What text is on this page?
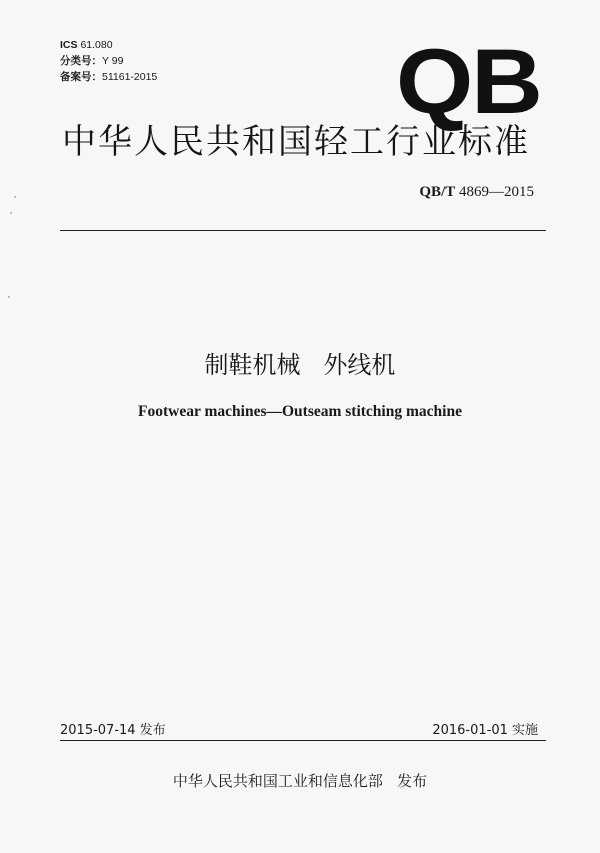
ICS 61.080
分类号：Y 99
备案号：51161-2015	QB
中华人民共和国轻工行业标准
QB/T 4869—2015
制鞋机械   外线机
Footwear machines—Outseam stitching machine
2015-07-14 发布	2016-01-01 实施
中华人民共和国工业和信息化部   发布
